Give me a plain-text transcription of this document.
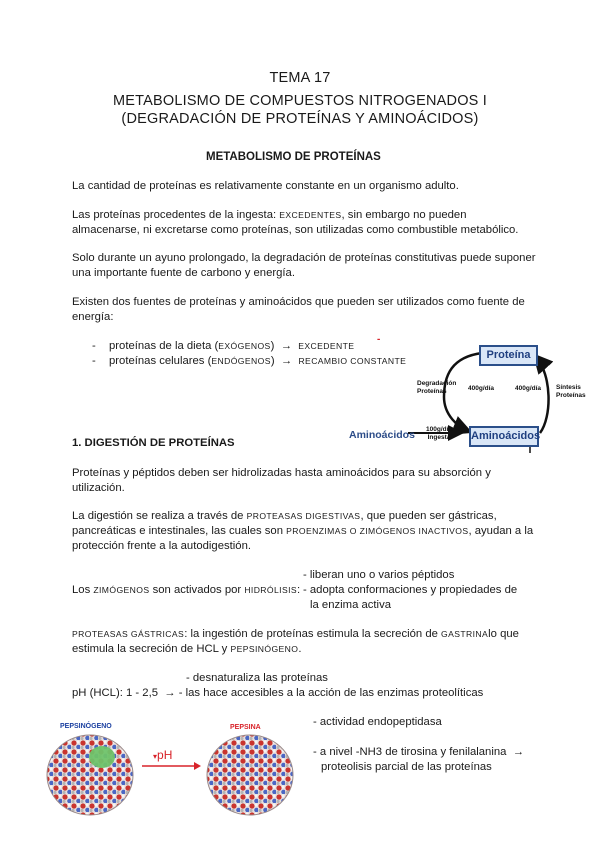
TEMA 17
METABOLISMO DE COMPUESTOS NITROGENADOS I
(DEGRADACIÓN DE PROTEÍNAS Y AMINOÁCIDOS)
METABOLISMO DE PROTEÍNAS
La cantidad de proteínas es relativamente constante en un organismo adulto.
Las proteínas procedentes de la ingesta: EXCEDENTES, sin embargo no pueden
almacenarse, ni excretarse como proteínas, son utilizadas como combustible metabólico.
Solo durante un ayuno prolongado, la degradación de proteínas constitutivas puede suponer
una importante fuente de carbono y energía.
Existen dos fuentes de proteínas y aminoácidos que pueden ser utilizados como fuente de
energía:
- proteínas de la dieta (EXÓGENOS) → EXCEDENTE
- proteínas celulares (ENDÓGENOS) → RECAMBIO CONSTANTE	Proteína
Aminoácidos
Aminoácidos
-
Degradación
Proteínas	400g/día	400g/día Síntesis
Proteínas
100g/día
Ingesta
1. DIGESTIÓN DE PROTEÍNAS
Proteínas y péptidos deben ser hidrolizadas hasta aminoácidos para su absorción y
utilización.
La digestión se realiza a través de PROTEASAS DIGESTIVAS, que pueden ser gástricas,
pancreáticas e intestinales, las cuales son PROENZIMAS O ZIMÓGENOS INACTIVOS, ayudan a la
protección frente a la autodigestión.
- liberan uno o varios péptidos
Los ZIMÓGENOS son activados por HIDRÓLISIS: - adopta conformaciones y propiedades de
la enzima activa
PROTEASAS GÁSTRICAS: la ingestión de proteínas estimula la secreción de GASTRINAlo que
estimula la secreción de HCL y PEPSINÓGENO.
- desnaturaliza las proteínas
pH (HCL): 1 - 2,5 → - las hace accesibles a la acción de las enzimas proteolíticas
PEPSINÓGENO	PEPSINA
▾pH
- actividad endopeptidasa
- a nivel -NH3 de tirosina y fenilalanina →
proteolisis parcial de las proteínas
